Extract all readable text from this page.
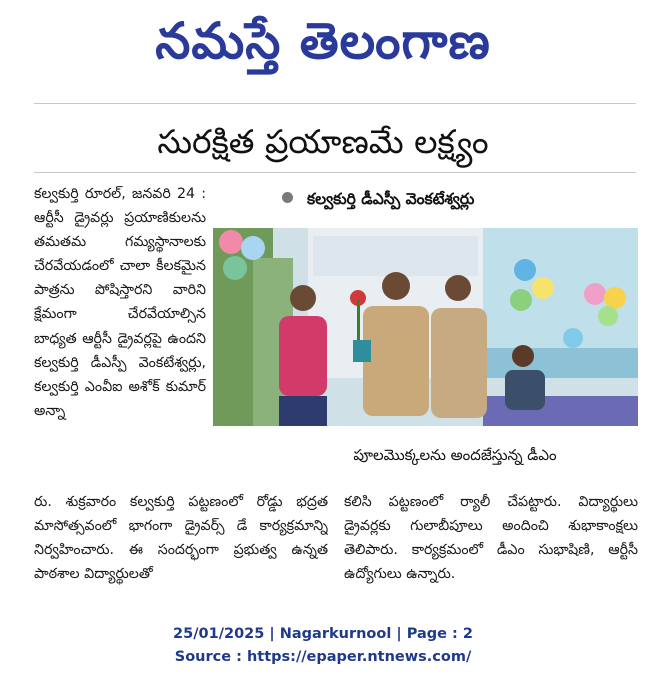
నమస్తే తెలంగాణ
సురక్షిత ప్రయాణమే లక్ష్యం

కల్వకుర్తి రూరల్, జనవరి 24 : ఆర్టీసీ డ్రైవర్లు ప్రయాణికులను తమతమ గమ్యస్థానాలకు చేరవేయడంలో చాలా కీలకమైన పాత్రను పోషిస్తారని వారిని క్షేమంగా చేరవేయాల్సిన బాధ్యత ఆర్టీసీ డ్రైవర్లపై ఉందని కల్వకుర్తి డీఎస్పీ వెంకటేశ్వర్లు, కల్వకుర్తి ఎంవీఐ అశోక్ కుమార్ అన్నా

కల్వకుర్తి డీఎస్పీ వెంకటేశ్వర్లు
పూలమొక్కలను అందజేస్తున్న డీఎం

రు. శుక్రవారం కల్వకుర్తి పట్టణంలో రోడ్డు భద్రత మాసోత్సవంలో భాగంగా డ్రైవర్స్ డే కార్యక్రమాన్ని నిర్వహించారు. ఈ సందర్భంగా ప్రభుత్వ ఉన్నత పాఠశాల విద్యార్థులతో

కలిసి పట్టణంలో ర్యాలీ చేపట్టారు. విద్యార్థులు డ్రైవర్లకు గులాబీపూలు అందించి శుభాకాంక్షలు తెలిపారు. కార్యక్రమంలో డీఎం సుభాషిణి, ఆర్టీసీ ఉద్యోగులు ఉన్నారు.

25/01/2025 | Nagarkurnool | Page : 2
Source : https://epaper.ntnews.com/
